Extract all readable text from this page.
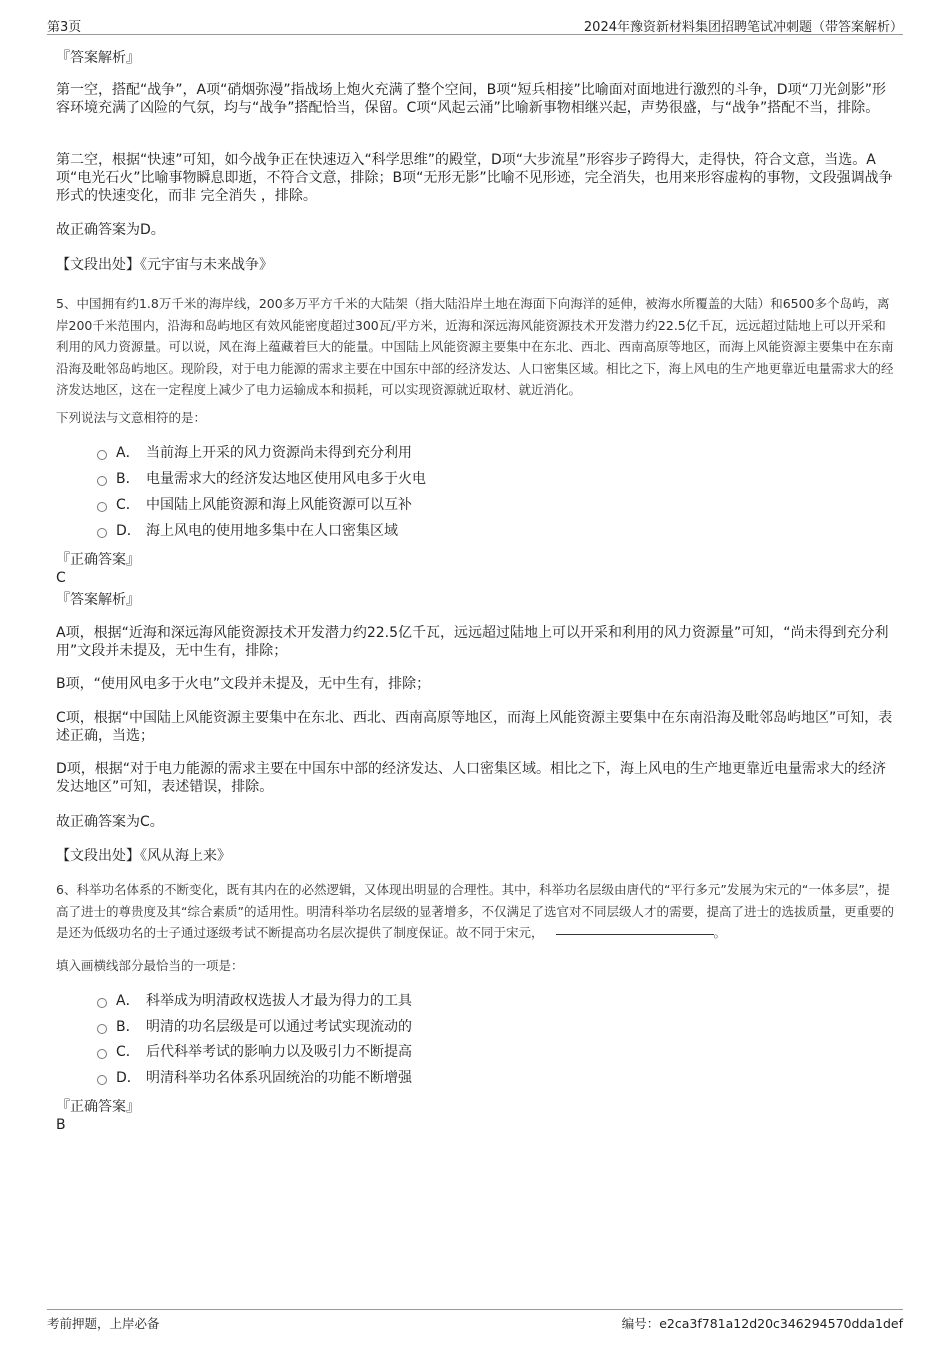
第3页	2024年豫资新材料集团招聘笔试冲刺题（带答案解析）
『答案解析』
第一空，搭配“战争”，A项“硝烟弥漫”指战场上炮火充满了整个空间，B项“短兵相接”比喻面对面地进行激烈的斗争，D项“刀光剑影”形容环境充满了凶险的气氛，均与“战争”搭配恰当，保留。C项“风起云涌”比喻新事物相继兴起，声势很盛，与“战争”搭配不当，排除。
第二空，根据“快速”可知，如今战争正在快速迈入“科学思维”的殿堂，D项“大步流星”形容步子跨得大，走得快，符合文意，当选。A项“电光石火”比喻事物瞬息即逝，不符合文意，排除；B项“无形无影”比喻不见形迹，完全消失，也用来形容虚构的事物，文段强调战争形式的快速变化，而非 完全消失 ，排除。
故正确答案为D。
【文段出处】《元宇宙与未来战争》
5、中国拥有约1.8万千米的海岸线，200多万平方千米的大陆架（指大陆沿岸土地在海面下向海洋的延伸，被海水所覆盖的大陆）和6500多个岛屿，离岸200千米范围内，沿海和岛屿地区有效风能密度超过300瓦/平方米，近海和深远海风能资源技术开发潜力约22.5亿千瓦，远远超过陆地上可以开采和利用的风力资源量。可以说，风在海上蕴藏着巨大的能量。中国陆上风能资源主要集中在东北、西北、西南高原等地区，而海上风能资源主要集中在东南沿海及毗邻岛屿地区。现阶段，对于电力能源的需求主要在中国东中部的经济发达、人口密集区域。相比之下，海上风电的生产地更靠近电量需求大的经济发达地区，这在一定程度上减少了电力运输成本和损耗，可以实现资源就近取材、就近消化。
下列说法与文意相符的是：
A． 当前海上开采的风力资源尚未得到充分利用
B． 电量需求大的经济发达地区使用风电多于火电
C． 中国陆上风能资源和海上风能资源可以互补
D． 海上风电的使用地多集中在人口密集区域
『正确答案』
C
『答案解析』
A项，根据“近海和深远海风能资源技术开发潜力约22.5亿千瓦，远远超过陆地上可以开采和利用的风力资源量”可知，“尚未得到充分利用”文段并未提及，无中生有，排除；
B项，“使用风电多于火电”文段并未提及，无中生有，排除；
C项，根据“中国陆上风能资源主要集中在东北、西北、西南高原等地区，而海上风能资源主要集中在东南沿海及毗邻岛屿地区”可知，表述正确，当选；
D项，根据“对于电力能源的需求主要在中国东中部的经济发达、人口密集区域。相比之下，海上风电的生产地更靠近电量需求大的经济发达地区”可知，表述错误，排除。
故正确答案为C。
【文段出处】《风从海上来》
6、科举功名体系的不断变化，既有其内在的必然逻辑，又体现出明显的合理性。其中，科举功名层级由唐代的“平行多元”发展为宋元的“一体多层”，提高了进士的尊贵度及其“综合素质”的适用性。明清科举功名层级的显著增多，不仅满足了选官对不同层级人才的需要，提高了进士的选拔质量，更重要的是还为低级功名的士子通过逐级考试不断提高功名层次提供了制度保证。故不同于宋元，	。
填入画横线部分最恰当的一项是：
A． 科举成为明清政权选拔人才最为得力的工具
B． 明清的功名层级是可以通过考试实现流动的
C． 后代科举考试的影响力以及吸引力不断提高
D． 明清科举功名体系巩固统治的功能不断增强
『正确答案』
B
考前押题，上岸必备	编号：e2ca3f781a12d20c346294570dda1def
